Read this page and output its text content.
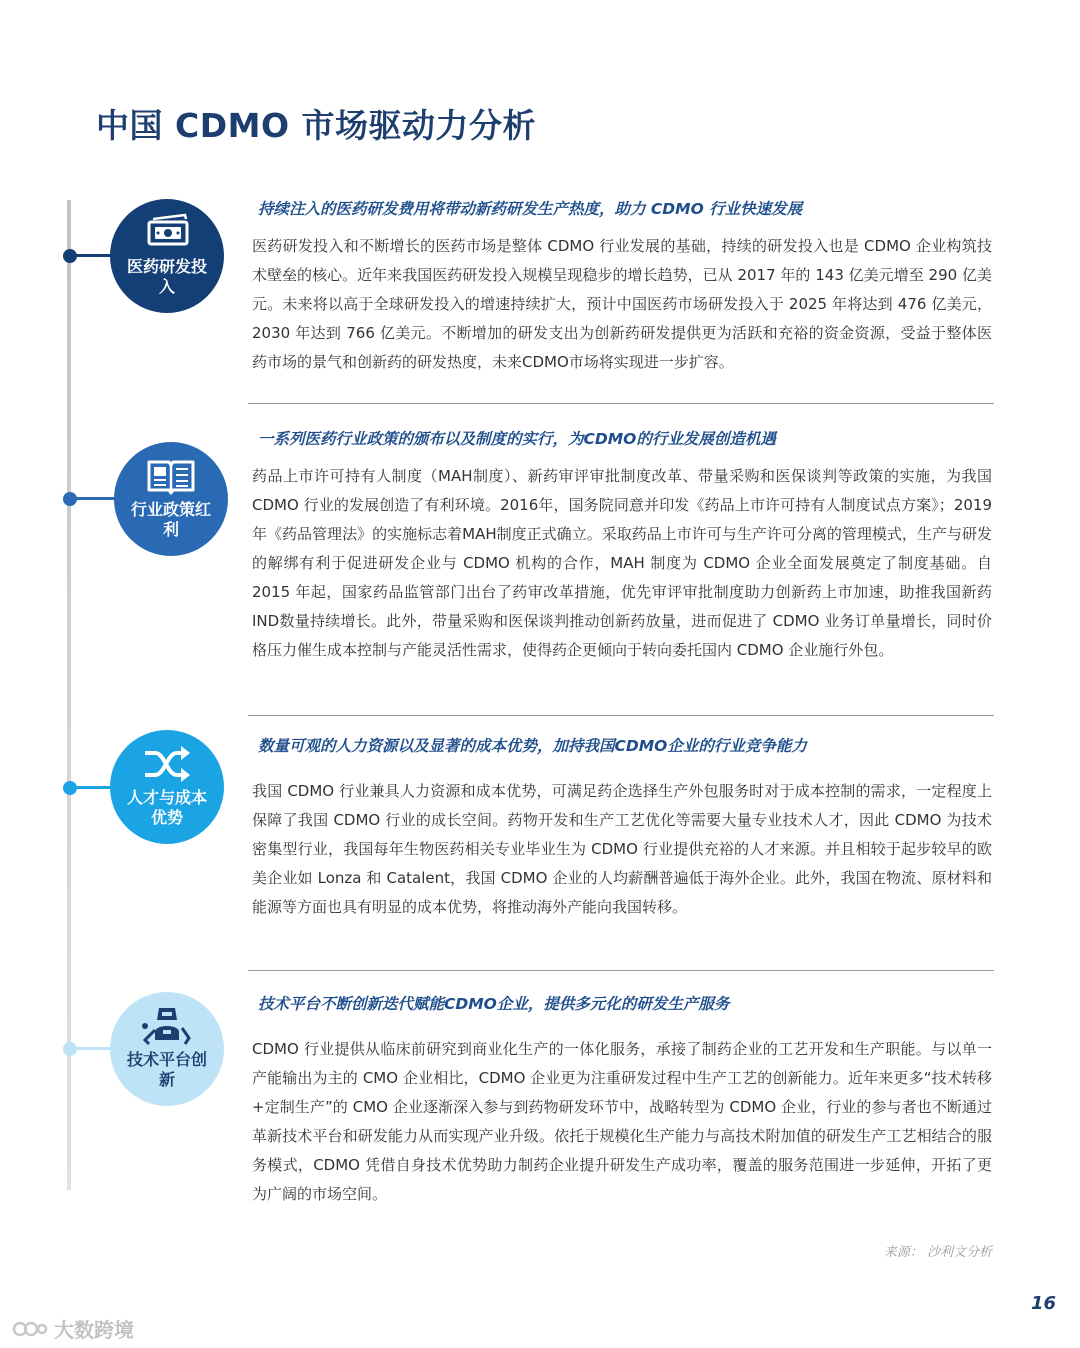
中国 CDMO 市场驱动力分析
医药研发投入

持续注入的医药研发费用将带动新药研发生产热度，助力 CDMO 行业快速发展

医药研发投入和不断增长的医药市场是整体 CDMO 行业发展的基础，持续的研发投入也是 CDMO 企业构筑技术壁垒的核心。近年来我国医药研发投入规模呈现稳步的增长趋势，已从 2017 年的 143 亿美元增至 290 亿美元。未来将以高于全球研发投入的增速持续扩大，预计中国医药市场研发投入于 2025 年将达到 476 亿美元，2030 年达到 766 亿美元。不断增加的研发支出为创新药研发提供更为活跃和充裕的资金资源，受益于整体医药市场的景气和创新药的研发热度，未来CDMO市场将实现进一步扩容。

行业政策红利

一系列医药行业政策的颁布以及制度的实行，为CDMO的行业发展创造机遇

药品上市许可持有人制度（MAH制度）、新药审评审批制度改革、带量采购和医保谈判等政策的实施，为我国 CDMO 行业的发展创造了有利环境。2016年，国务院同意并印发《药品上市许可持有人制度试点方案》；2019 年《药品管理法》的实施标志着MAH制度正式确立。采取药品上市许可与生产许可分离的管理模式，生产与研发的解绑有利于促进研发企业与 CDMO 机构的合作，MAH 制度为 CDMO 企业全面发展奠定了制度基础。自 2015 年起，国家药品监管部门出台了药审改革措施，优先审评审批制度助力创新药上市加速，助推我国新药IND数量持续增长。此外，带量采购和医保谈判推动创新药放量，进而促进了 CDMO 业务订单量增长，同时价格压力催生成本控制与产能灵活性需求，使得药企更倾向于转向委托国内 CDMO 企业施行外包。

人才与成本优势

数量可观的人力资源以及显著的成本优势，加持我国CDMO企业的行业竞争能力

我国 CDMO 行业兼具人力资源和成本优势，可满足药企选择生产外包服务时对于成本控制的需求，一定程度上保障了我国 CDMO 行业的成长空间。药物开发和生产工艺优化等需要大量专业技术人才，因此 CDMO 为技术密集型行业，我国每年生物医药相关专业毕业生为 CDMO 行业提供充裕的人才来源。并且相较于起步较早的欧美企业如 Lonza 和 Catalent，我国 CDMO 企业的人均薪酬普遍低于海外企业。此外，我国在物流、原材料和能源等方面也具有明显的成本优势，将推动海外产能向我国转移。

技术平台创新

技术平台不断创新迭代赋能CDMO企业，提供多元化的研发生产服务

CDMO 行业提供从临床前研究到商业化生产的一体化服务，承接了制药企业的工艺开发和生产职能。与以单一产能输出为主的 CMO 企业相比，CDMO 企业更为注重研发过程中生产工艺的创新能力。近年来更多“技术转移+定制生产”的 CMO 企业逐渐深入参与到药物研发环节中，战略转型为 CDMO 企业，行业的参与者也不断通过革新技术平台和研发能力从而实现产业升级。依托于规模化生产能力与高技术附加值的研发生产工艺相结合的服务模式，CDMO 凭借自身技术优势助力制药企业提升研发生产成功率，覆盖的服务范围进一步延伸，开拓了更为广阔的市场空间。

来源： 沙利文分析
16
大数跨境
